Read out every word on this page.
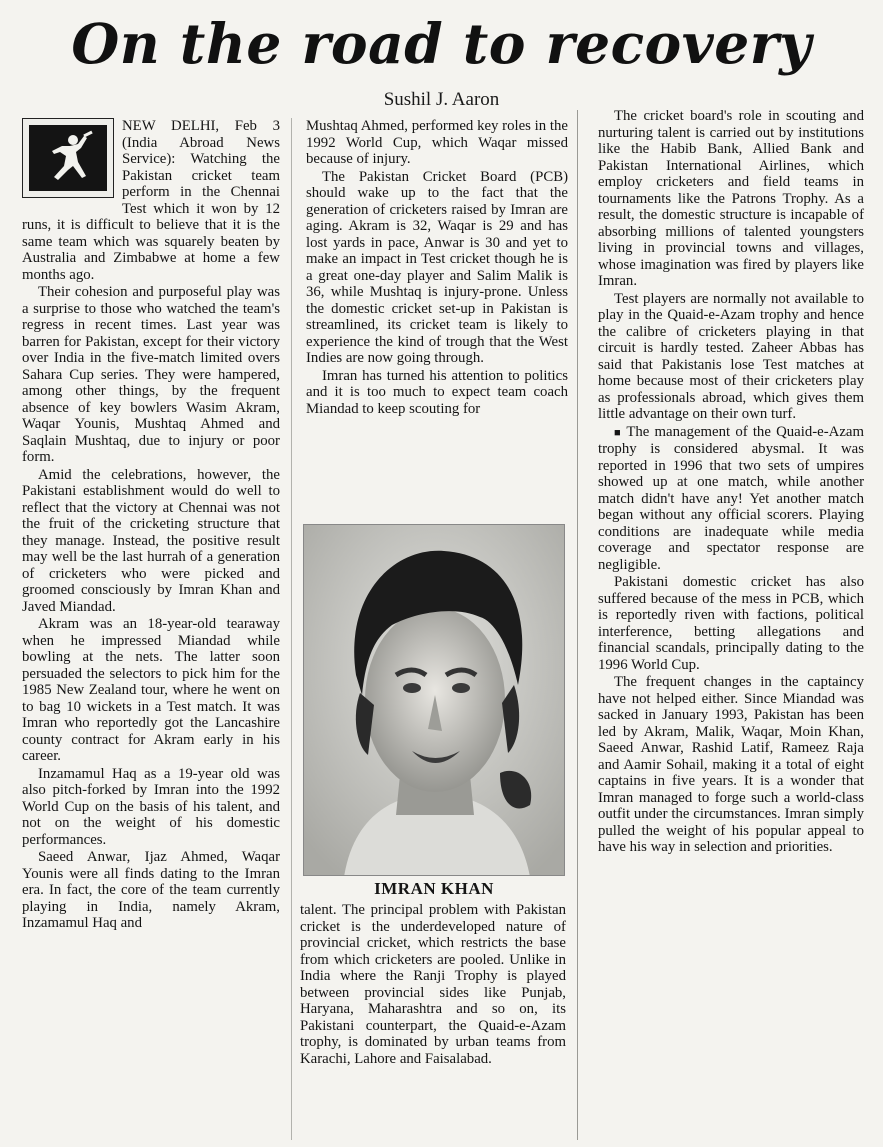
On the road to recovery
Sushil J. Aaron

NEW DELHI, Feb 3 (India Abroad News Service): Watching the Pakistan cricket team perform in the Chennai Test which it won by 12 runs, it is difficult to believe that it is the same team which was squarely beaten by Australia and Zimbabwe at home a few months ago.

Their cohesion and purposeful play was a surprise to those who watched the team's regress in recent times. Last year was barren for Pakistan, except for their victory over India in the five-match limited overs Sahara Cup series. They were hampered, among other things, by the frequent absence of key bowlers Wasim Akram, Waqar Younis, Mushtaq Ahmed and Saqlain Mushtaq, due to injury or poor form.

Amid the celebrations, however, the Pakistani establishment would do well to reflect that the victory at Chennai was not the fruit of the cricketing structure that they manage. Instead, the positive result may well be the last hurrah of a generation of cricketers who were picked and groomed consciously by Imran Khan and Javed Miandad.

Akram was an 18-year-old tearaway when he impressed Miandad while bowling at the nets. The latter soon persuaded the selectors to pick him for the 1985 New Zealand tour, where he went on to bag 10 wickets in a Test match. It was Imran who reportedly got the Lancashire county contract for Akram early in his career.

Inzamamul Haq as a 19-year old was also pitch-forked by Imran into the 1992 World Cup on the basis of his talent, and not on the weight of his domestic performances.

Saeed Anwar, Ijaz Ahmed, Waqar Younis were all finds dating to the Imran era. In fact, the core of the team currently playing in India, namely Akram, Inzamamul Haq and

Mushtaq Ahmed, performed key roles in the 1992 World Cup, which Waqar missed because of injury.

The Pakistan Cricket Board (PCB) should wake up to the fact that the generation of cricketers raised by Imran are aging. Akram is 32, Waqar is 29 and has lost yards in pace, Anwar is 30 and yet to make an impact in Test cricket though he is a great one-day player and Salim Malik is 36, while Mushtaq is injury-prone. Unless the domestic cricket set-up in Pakistan is streamlined, its cricket team is likely to experience the kind of trough that the West Indies are now going through.

Imran has turned his attention to politics and it is too much to expect team coach Miandad to keep scouting for

IMRAN KHAN

talent. The principal problem with Pakistan cricket is the underdeveloped nature of provincial cricket, which restricts the base from which cricketers are pooled. Unlike in India where the Ranji Trophy is played between provincial sides like Punjab, Haryana, Maharashtra and so on, its Pakistani counterpart, the Quaid-e-Azam trophy, is dominated by urban teams from Karachi, Lahore and Faisalabad.

The cricket board's role in scouting and nurturing talent is carried out by institutions like the Habib Bank, Allied Bank and Pakistan International Airlines, which employ cricketers and field teams in tournaments like the Patrons Trophy. As a result, the domestic structure is incapable of absorbing millions of talented youngsters living in provincial towns and villages, whose imagination was fired by players like Imran.

Test players are normally not available to play in the Quaid-e-Azam trophy and hence the calibre of cricketers playing in that circuit is hardly tested. Zaheer Abbas has said that Pakistanis lose Test matches at home because most of their cricketers play as professionals abroad, which gives them little advantage on their own turf.

■ The management of the Quaid-e-Azam trophy is considered abysmal. It was reported in 1996 that two sets of umpires showed up at one match, while another match didn't have any! Yet another match began without any official scorers. Playing conditions are inadequate while media coverage and spectator response are negligible.

Pakistani domestic cricket has also suffered because of the mess in PCB, which is reportedly riven with factions, political interference, betting allegations and financial scandals, principally dating to the 1996 World Cup.

The frequent changes in the captaincy have not helped either. Since Miandad was sacked in January 1993, Pakistan has been led by Akram, Malik, Waqar, Moin Khan, Saeed Anwar, Rashid Latif, Rameez Raja and Aamir Sohail, making it a total of eight captains in five years. It is a wonder that Imran managed to forge such a world-class outfit under the circumstances. Imran simply pulled the weight of his popular appeal to have his way in selection and priorities.
